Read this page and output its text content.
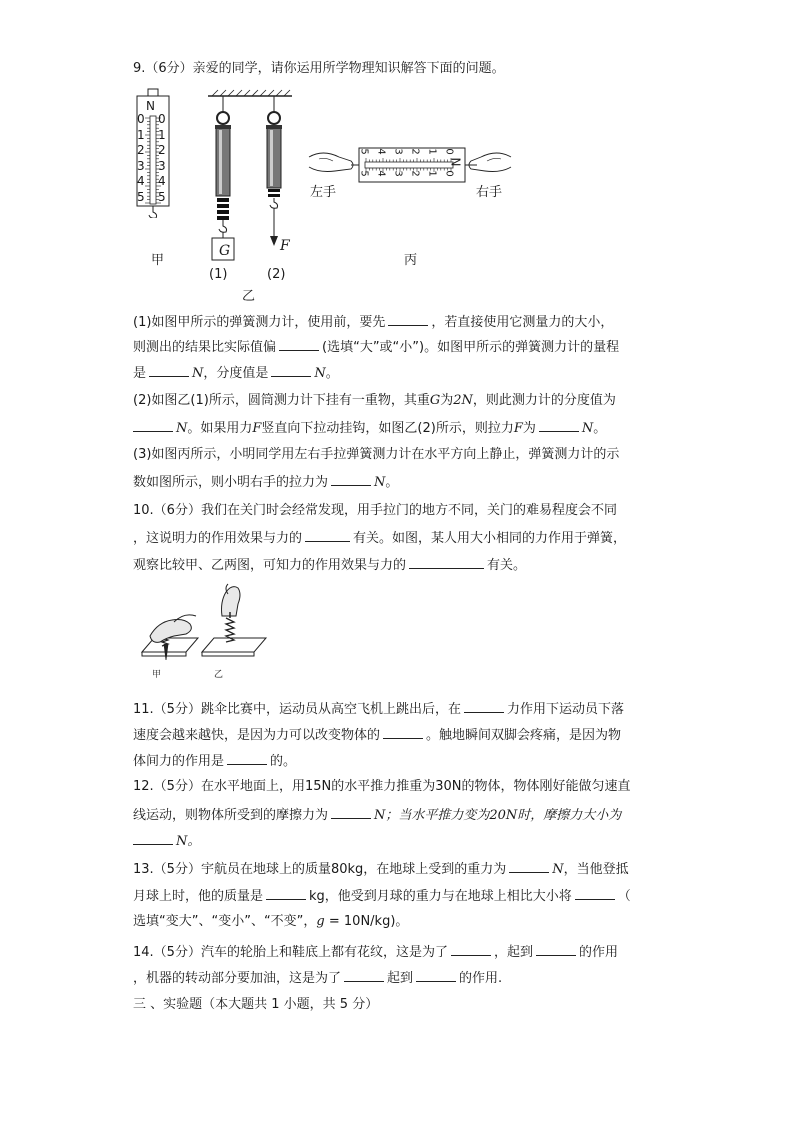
9.（6分）亲爱的同学，请你运用所学物理知识解答下面的问题。
N
0
1
2
3
4
5
0
1
2
3
4
5
甲
G	F
(1)	(2)
乙
0
1
2
3
4
5
0
1
2
3
4
5
N
左手	右手
丙
(1)如图甲所示的弹簧测力计，使用前，要先	，若直接使用它测量力的大小，
则测出的结果比实际值偏	(选填“大”或“小”)。如图甲所示的弹簧测力计的量程
是	N，分度值是	N。
(2)如图乙(1)所示，圆筒测力计下挂有一重物，其重G为2N，则此测力计的分度值为
N。如果用力F竖直向下拉动挂钩，如图乙(2)所示，则拉力F为	N。
(3)如图丙所示，小明同学用左右手拉弹簧测力计在水平方向上静止，弹簧测力计的示
数如图所示，则小明右手的拉力为	N。
10.（6分）我们在关门时会经常发现，用手拉门的地方不同，关门的难易程度会不同
，这说明力的作用效果与力的	有关。如图，某人用大小相同的力作用于弹簧，
观察比较甲、乙两图，可知力的作用效果与力的	有关。
甲	乙
11.（5分）跳伞比赛中，运动员从高空飞机上跳出后，在	力作用下运动员下落
速度会越来越快，是因为力可以改变物体的	。触地瞬间双脚会疼痛，是因为物
体间力的作用是	的。
12.（5分）在水平地面上，用15N的水平推力推重为30N的物体，物体刚好能做匀速直
线运动，则物体所受到的摩擦力为	N；当水平推力变为20N时，摩擦力大小为
N。
13.（5分）宇航员在地球上的质量80kg，在地球上受到的重力为	N，当他登抵
月球上时，他的质量是	kg，他受到月球的重力与在地球上相比大小将	（
选填“变大”、“变小”、“不变”，g = 10N/kg)。
14.（5分）汽车的轮胎上和鞋底上都有花纹，这是为了	，起到	的作用
，机器的转动部分要加油，这是为了	起到	的作用.
三 、实验题（本大题共 1 小题，共 5 分）
